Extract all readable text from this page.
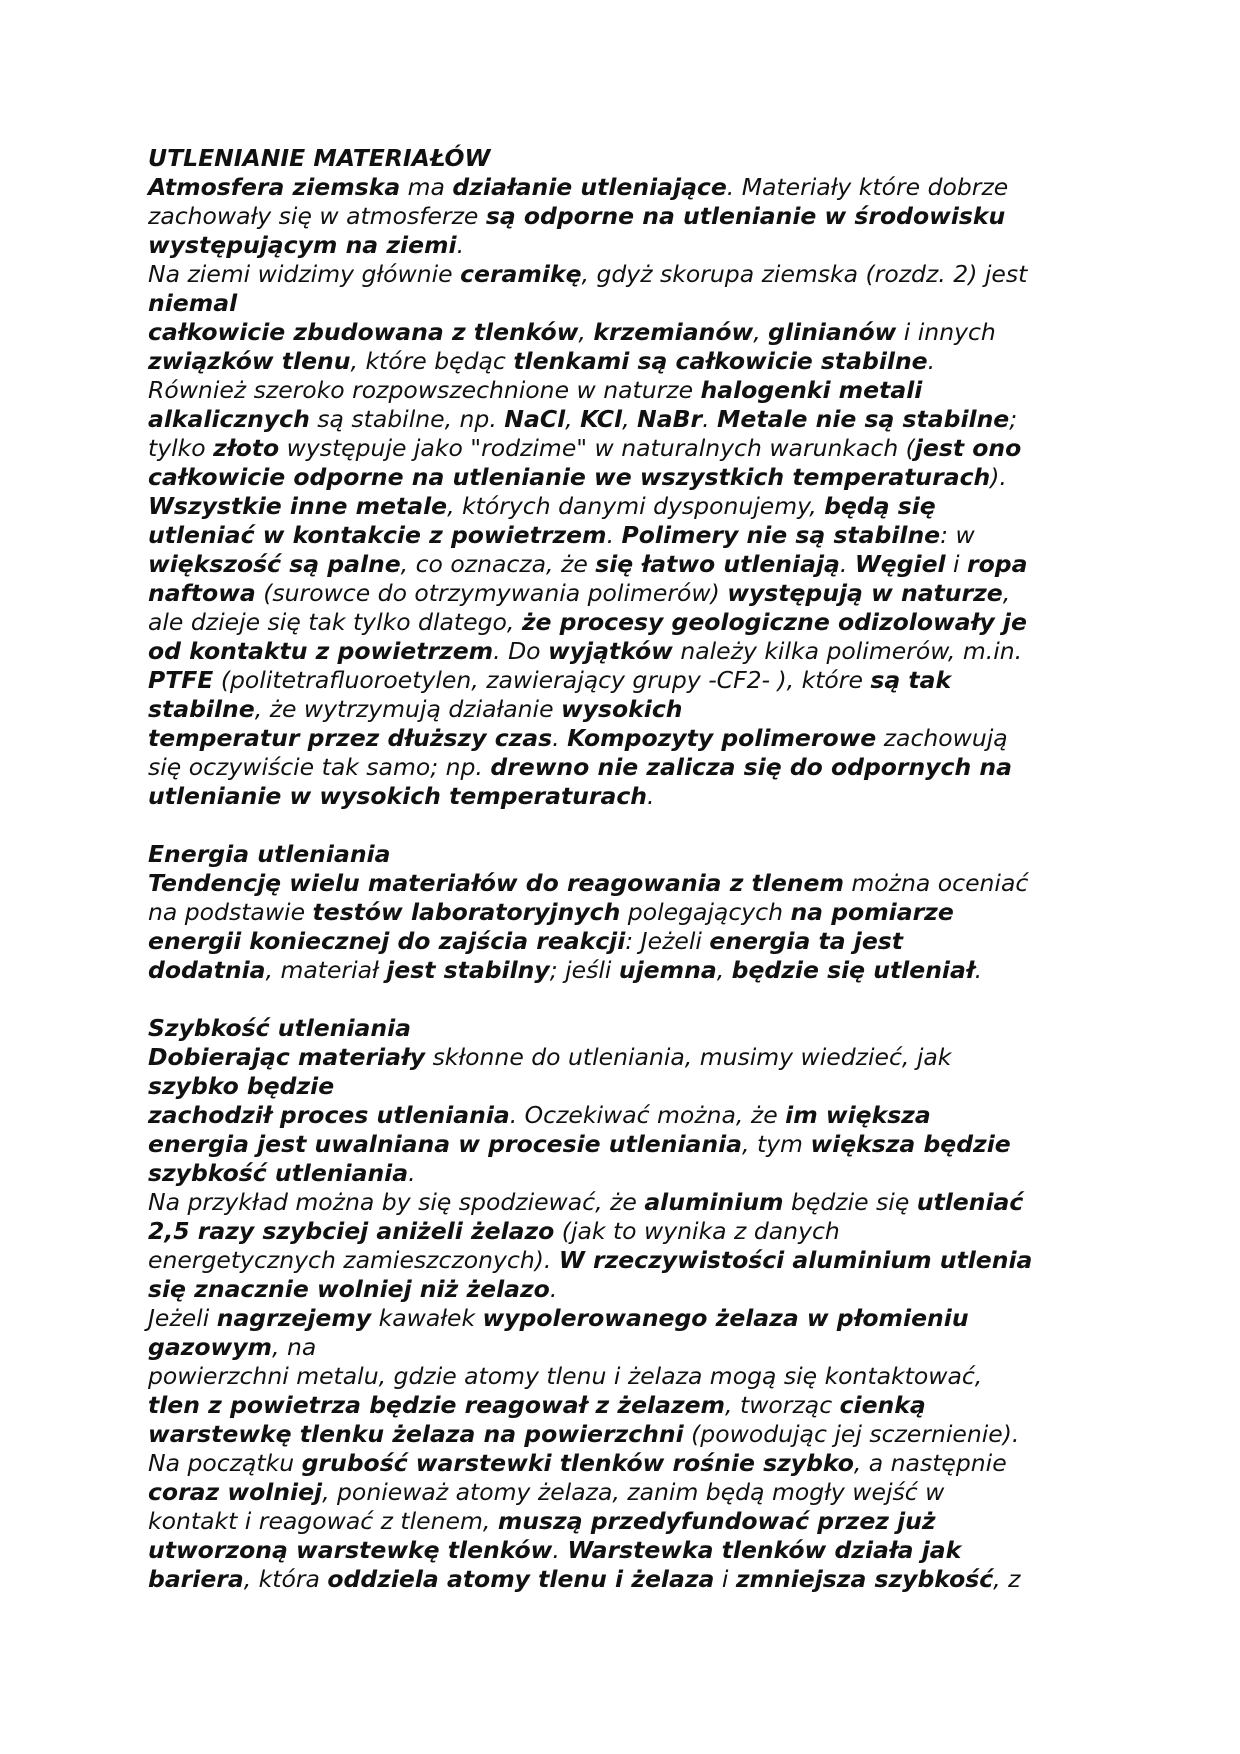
UTLENIANIE MATERIAŁÓW
Atmosfera ziemska ma działanie utleniające. Materiały które dobrze
zachowały się w atmosferze są odporne na utlenianie w środowisku
występującym na ziemi.
Na ziemi widzimy głównie ceramikę, gdyż skorupa ziemska (rozdz. 2) jest
niemal
całkowicie zbudowana z tlenków, krzemianów, glinianów i innych
związków tlenu, które będąc tlenkami są całkowicie stabilne.
Również szeroko rozpowszechnione w naturze halogenki metali
alkalicznych są stabilne, np. NaCl, KCl, NaBr. Metale nie są stabilne;
tylko złoto występuje jako "rodzime" w naturalnych warunkach (jest ono
całkowicie odporne na utlenianie we wszystkich temperaturach).
Wszystkie inne metale, których danymi dysponujemy, będą się
utleniać w kontakcie z powietrzem. Polimery nie są stabilne: w
większość są palne, co oznacza, że się łatwo utleniają. Węgiel i ropa
naftowa (surowce do otrzymywania polimerów) występują w naturze,
ale dzieje się tak tylko dlatego, że procesy geologiczne odizolowały je
od kontaktu z powietrzem. Do wyjątków należy kilka polimerów, m.in.
PTFE (politetrafluoroetylen, zawierający grupy -CF2- ), które są tak
stabilne, że wytrzymują działanie wysokich
temperatur przez dłuższy czas. Kompozyty polimerowe zachowują
się oczywiście tak samo; np. drewno nie zalicza się do odpornych na
utlenianie w wysokich temperaturach.
Energia utleniania
Tendencję wielu materiałów do reagowania z tlenem można oceniać
na podstawie testów laboratoryjnych polegających na pomiarze
energii koniecznej do zajścia reakcji: Jeżeli energia ta jest
dodatnia, materiał jest stabilny; jeśli ujemna, będzie się utleniał.
Szybkość utleniania
Dobierając materiały skłonne do utleniania, musimy wiedzieć, jak
szybko będzie
zachodził proces utleniania. Oczekiwać można, że im większa
energia jest uwalniana w procesie utleniania, tym większa będzie
szybkość utleniania.
Na przykład można by się spodziewać, że aluminium będzie się utleniać
2,5 razy szybciej aniżeli żelazo (jak to wynika z danych
energetycznych zamieszczonych). W rzeczywistości aluminium utlenia
się znacznie wolniej niż żelazo.
Jeżeli nagrzejemy kawałek wypolerowanego żelaza w płomieniu
gazowym, na
powierzchni metalu, gdzie atomy tlenu i żelaza mogą się kontaktować,
tlen z powietrza będzie reagował z żelazem, tworząc cienką
warstewkę tlenku żelaza na powierzchni (powodując jej sczernienie).
Na początku grubość warstewki tlenków rośnie szybko, a następnie
coraz wolniej, ponieważ atomy żelaza, zanim będą mogły wejść w
kontakt i reagować z tlenem, muszą przedyfundować przez już
utworzoną warstewkę tlenków. Warstewka tlenków działa jak
bariera, która oddziela atomy tlenu i żelaza i zmniejsza szybkość, z
